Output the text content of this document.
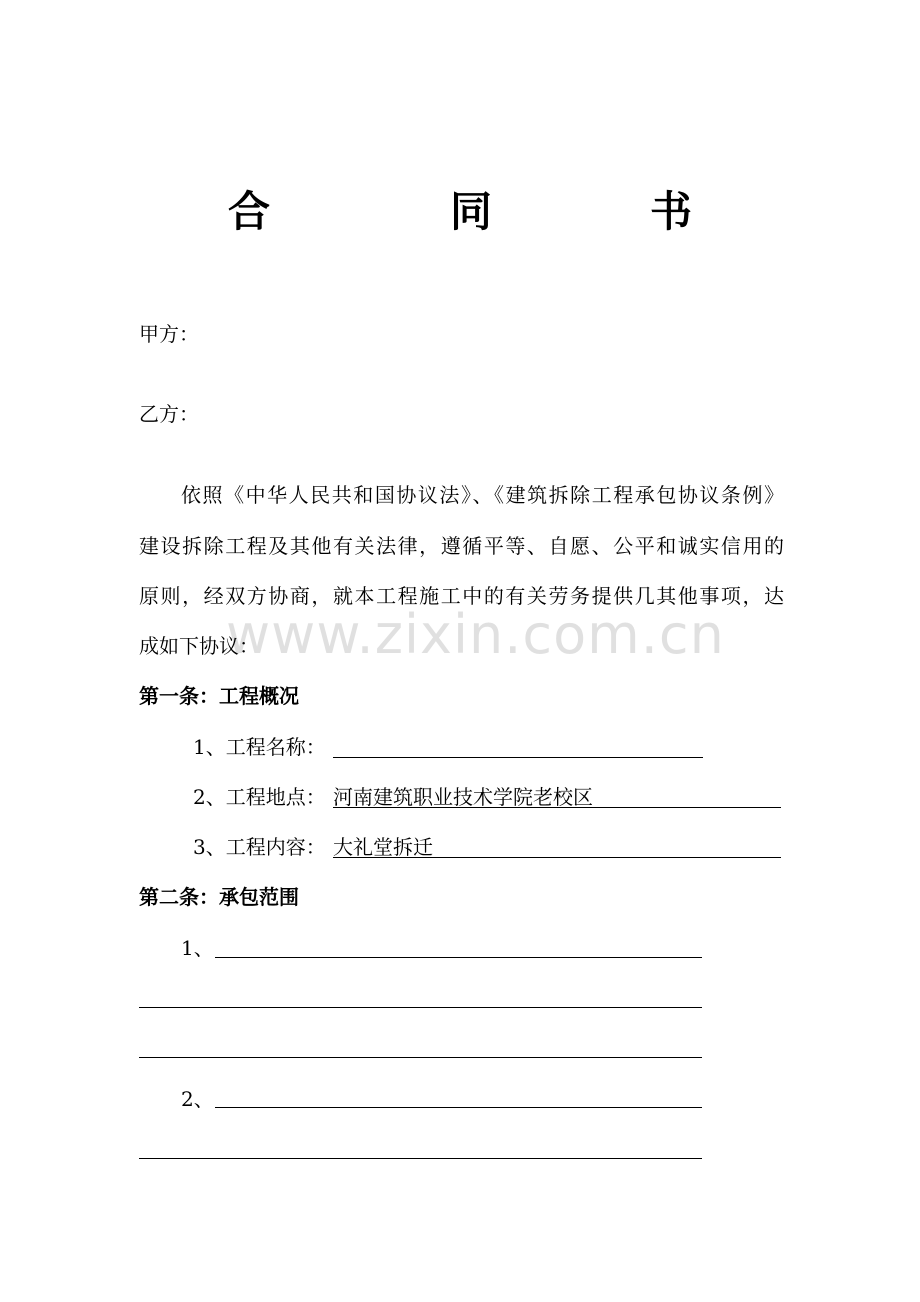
合	同	书
甲方：
乙方：
依照《中华人民共和国协议法》、《建筑拆除工程承包协议条例》
建设拆除工程及其他有关法律，遵循平等、自愿、公平和诚实信用的
原则，经双方协商，就本工程施工中的有关劳务提供几其他事项，达
成如下协议：
第一条：工程概况
1、工程名称：
2、工程地点： 河南建筑职业技术学院老校区
3、工程内容： 大礼堂拆迁
第二条：承包范围
1、
2、
www.zixin.com.cn
